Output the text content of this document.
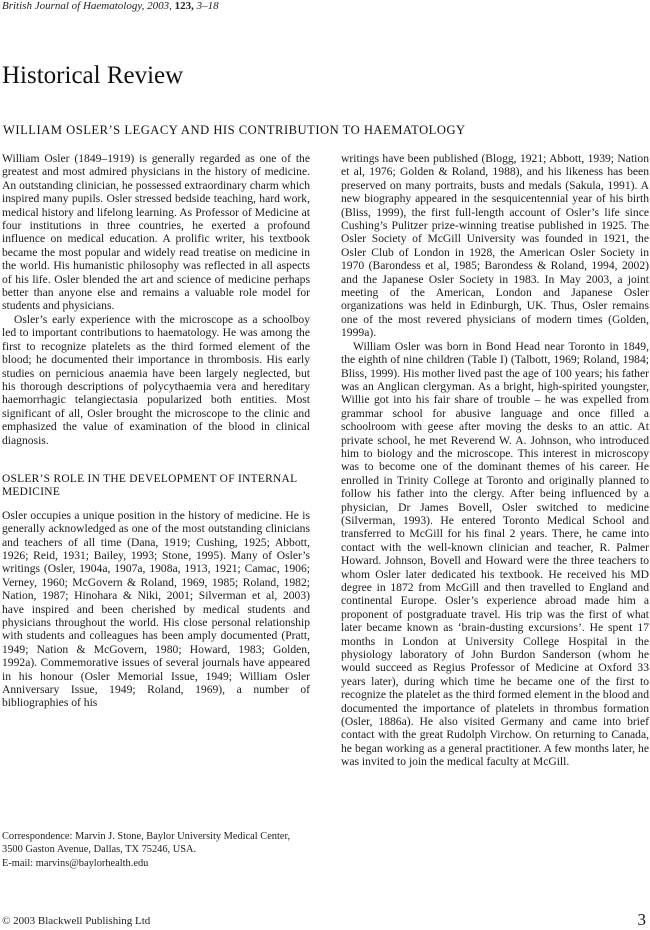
British Journal of Haematology, 2003, 123, 3–18
Historical Review
WILLIAM OSLER’S LEGACY AND HIS CONTRIBUTION TO HAEMATOLOGY

William Osler (1849–1919) is generally regarded as one of the greatest and most admired physicians in the history of medicine. An outstanding clinician, he possessed extraordinary charm which inspired many pupils. Osler stressed bedside teaching, hard work, medical history and lifelong learning. As Professor of Medicine at four institutions in three countries, he exerted a profound influence on medical education. A prolific writer, his textbook became the most popular and widely read treatise on medicine in the world. His humanistic philosophy was reflected in all aspects of his life. Osler blended the art and science of medicine perhaps better than anyone else and remains a valuable role model for students and physicians.

Osler’s early experience with the microscope as a schoolboy led to important contributions to haematology. He was among the first to recognize platelets as the third formed element of the blood; he documented their importance in thrombosis. His early studies on pernicious anaemia have been largely neglected, but his thorough descriptions of polycythaemia vera and hereditary haemorrhagic telangiectasia popularized both entities. Most significant of all, Osler brought the microscope to the clinic and emphasized the value of examination of the blood in clinical diagnosis.

OSLER’S ROLE IN THE DEVELOPMENT OF INTERNAL MEDICINE

Osler occupies a unique position in the history of medicine. He is generally acknowledged as one of the most outstanding clinicians and teachers of all time (Dana, 1919; Cushing, 1925; Abbott, 1926; Reid, 1931; Bailey, 1993; Stone, 1995). Many of Osler’s writings (Osler, 1904a, 1907a, 1908a, 1913, 1921; Camac, 1906; Verney, 1960; McGovern & Roland, 1969, 1985; Roland, 1982; Nation, 1987; Hinohara & Niki, 2001; Silverman et al, 2003) have inspired and been cherished by medical students and physicians throughout the world. His close personal relationship with students and colleagues has been amply documented (Pratt, 1949; Nation & McGovern, 1980; Howard, 1983; Golden, 1992a). Commemorative issues of several journals have appeared in his honour (Osler Memorial Issue, 1949; William Osler Anniversary Issue, 1949; Roland, 1969), a number of bibliographies of his

writings have been published (Blogg, 1921; Abbott, 1939; Nation et al, 1976; Golden & Roland, 1988), and his likeness has been preserved on many portraits, busts and medals (Sakula, 1991). A new biography appeared in the sesquicentennial year of his birth (Bliss, 1999), the first full-length account of Osler’s life since Cushing’s Pulitzer prize-winning treatise published in 1925. The Osler Society of McGill University was founded in 1921, the Osler Club of London in 1928, the American Osler Society in 1970 (Barondess et al, 1985; Barondess & Roland, 1994, 2002) and the Japanese Osler Society in 1983. In May 2003, a joint meeting of the American, London and Japanese Osler organizations was held in Edinburgh, UK. Thus, Osler remains one of the most revered physicians of modern times (Golden, 1999a).

William Osler was born in Bond Head near Toronto in 1849, the eighth of nine children (Table I) (Talbott, 1969; Roland, 1984; Bliss, 1999). His mother lived past the age of 100 years; his father was an Anglican clergyman. As a bright, high-spirited youngster, Willie got into his fair share of trouble – he was expelled from grammar school for abusive language and once filled a schoolroom with geese after moving the desks to an attic. At private school, he met Reverend W. A. Johnson, who introduced him to biology and the microscope. This interest in microscopy was to become one of the dominant themes of his career. He enrolled in Trinity College at Toronto and originally planned to follow his father into the clergy. After being influenced by a physician, Dr James Bovell, Osler switched to medicine (Silverman, 1993). He entered Toronto Medical School and transferred to McGill for his final 2 years. There, he came into contact with the well-known clinician and teacher, R. Palmer Howard. Johnson, Bovell and Howard were the three teachers to whom Osler later dedicated his textbook. He received his MD degree in 1872 from McGill and then travelled to England and continental Europe. Osler’s experience abroad made him a proponent of postgraduate travel. His trip was the first of what later became known as ‘brain-dusting excursions’. He spent 17 months in London at University College Hospital in the physiology laboratory of John Burdon Sanderson (whom he would succeed as Regius Professor of Medicine at Oxford 33 years later), during which time he became one of the first to recognize the platelet as the third formed element in the blood and documented the importance of platelets in thrombus formation (Osler, 1886a). He also visited Germany and came into brief contact with the great Rudolph Virchow. On returning to Canada, he began working as a general practitioner. A few months later, he was invited to join the medical faculty at McGill.

Correspondence: Marvin J. Stone, Baylor University Medical Center,
3500 Gaston Avenue, Dallas, TX 75246, USA.
E-mail: marvins@baylorhealth.edu
© 2003 Blackwell Publishing Ltd	3
